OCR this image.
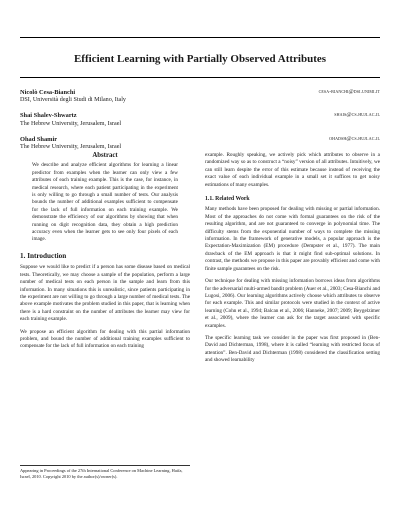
Efficient Learning with Partially Observed Attributes
Nicolò Cesa-Bianchi	cesa-bianchi@dsi.unimi.it
DSI, Università degli Studi di Milano, Italy
Shai Shalev-Shwartz	shais@cs.huji.ac.il
The Hebrew University, Jerusalem, Israel
Ohad Shamir	ohadsh@cs.huji.ac.il
The Hebrew University, Jerusalem, Israel
Abstract

We describe and analyze efficient algorithms for learning a linear predictor from examples when the learner can only view a few attributes of each training example. This is the case, for instance, in medical research, where each patient participating in the experiment is only willing to go through a small number of tests. Our analysis bounds the number of additional examples sufficient to compensate for the lack of full information on each training example. We demonstrate the efficiency of our algorithms by showing that when running on digit recognition data, they obtain a high prediction accuracy even when the learner gets to see only four pixels of each image.

1. Introduction

Suppose we would like to predict if a person has some disease based on medical tests. Theoretically, we may choose a sample of the population, perform a large number of medical tests on each person in the sample and learn from this information. In many situations this is unrealistic, since patients participating in the experiment are not willing to go through a large number of medical tests. The above example motivates the problem studied in this paper, that is learning when there is a hard constraint on the number of attributes the learner may view for each training example.

We propose an efficient algorithm for dealing with this partial information problem, and bound the number of additional training examples sufficient to compensate for the lack of full information on each training

Appearing in Proceedings of the 27th International Conference on Machine Learning, Haifa, Israel, 2010. Copyright 2010 by the author(s)/owner(s).

example. Roughly speaking, we actively pick which attributes to observe in a randomized way so as to construct a “noisy” version of all attributes. Intuitively, we can still learn despite the error of this estimate because instead of receiving the exact value of each individual example in a small set it suffices to get noisy estimations of many examples.

1.1. Related Work

Many methods have been proposed for dealing with missing or partial information. Most of the approaches do not come with formal guarantees on the risk of the resulting algorithm, and are not guaranteed to converge in polynomial time. The difficulty stems from the exponential number of ways to complete the missing information. In the framework of generative models, a popular approach is the Expectation-Maximization (EM) procedure (Dempster et al., 1977). The main drawback of the EM approach is that it might find sub-optimal solutions. In contrast, the methods we propose in this paper are provably efficient and come with finite sample guarantees on the risk.

Our technique for dealing with missing information borrows ideas from algorithms for the adversarial multi-armed bandit problem (Auer et al., 2003; Cesa-Bianchi and Lugosi, 2006). Our learning algorithms actively choose which attributes to observe for each example. This and similar protocols were studied in the context of active learning (Cohn et al., 1994; Balcan et al., 2006; Hanneke, 2007; 2009; Beygelzimer et al., 2009), where the learner can ask for the target associated with specific examples.

The specific learning task we consider in the paper was first proposed in (Ben-David and Dichterman, 1998), where it is called “learning with restricted focus of attention”. Ben-David and Dichterman (1998) considered the classification setting and showed learnability
